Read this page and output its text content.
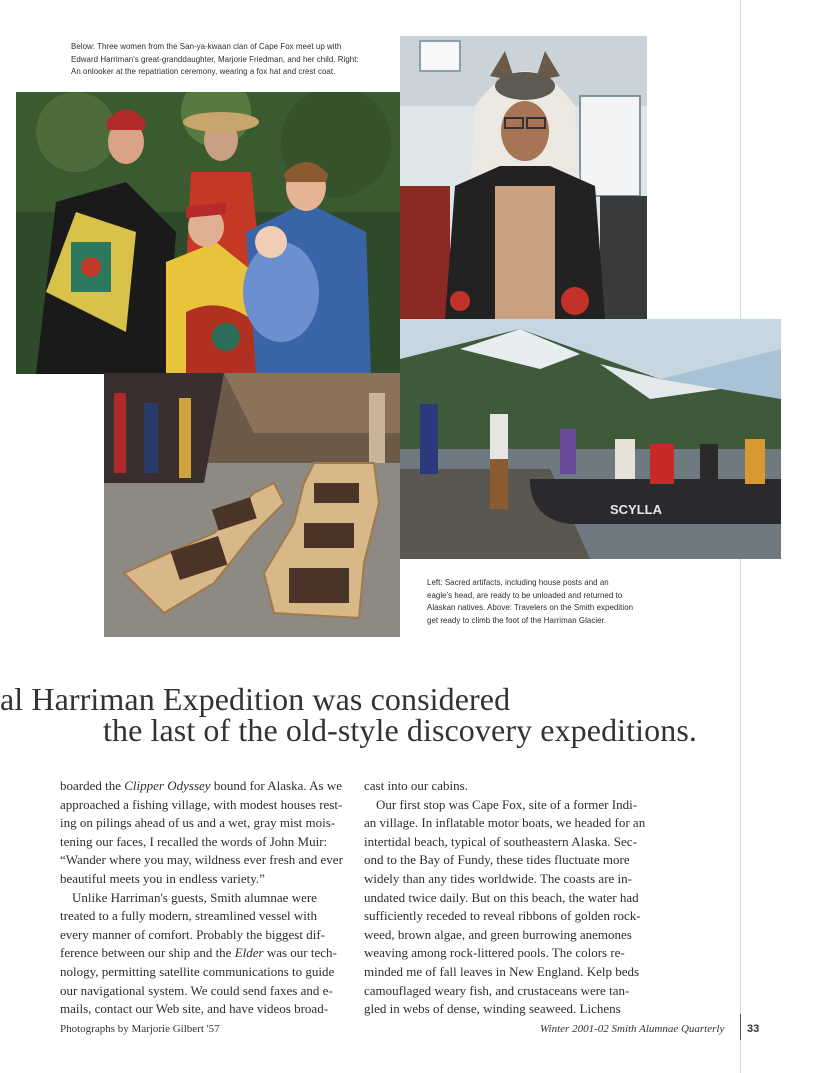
Below: Three women from the San-ya-kwaan clan of Cape Fox meet up with
Edward Harriman's great-granddaughter, Marjorie Friedman, and her child. Right:
An onlooker at the repatriation ceremony, wearing a fox hat and crest coat.
SCYLLA
Left: Sacred artifacts, including house posts and an
eagle's head, are ready to be unloaded and returned to
Alaskan natives. Above: Travelers on the Smith expedition
get ready to climb the foot of the Harriman Glacier.
al Harriman Expedition was considered
the last of the old-style discovery expeditions.
boarded the Clipper Odyssey bound for Alaska. As we
approached a fishing village, with modest houses rest-
ing on pilings ahead of us and a wet, gray mist mois-
tening our faces, I recalled the words of John Muir:
“Wander where you may, wildness ever fresh and ever
beautiful meets you in endless variety.”
Unlike Harriman's guests, Smith alumnae were
treated to a fully modern, streamlined vessel with
every manner of comfort. Probably the biggest dif-
ference between our ship and the Elder was our tech-
nology, permitting satellite communications to guide
our navigational system. We could send faxes and e-
mails, contact our Web site, and have videos broad-
cast into our cabins.
Our first stop was Cape Fox, site of a former Indi-
an village. In inflatable motor boats, we headed for an
intertidal beach, typical of southeastern Alaska. Sec-
ond to the Bay of Fundy, these tides fluctuate more
widely than any tides worldwide. The coasts are in-
undated twice daily. But on this beach, the water had
sufficiently receded to reveal ribbons of golden rock-
weed, brown algae, and green burrowing anemones
weaving among rock-littered pools. The colors re-
minded me of fall leaves in New England. Kelp beds
camouflaged weary fish, and crustaceans were tan-
gled in webs of dense, winding seaweed. Lichens
Photographs by Marjorie Gilbert '57	Winter 2001-02 Smith Alumnae Quarterly 33
